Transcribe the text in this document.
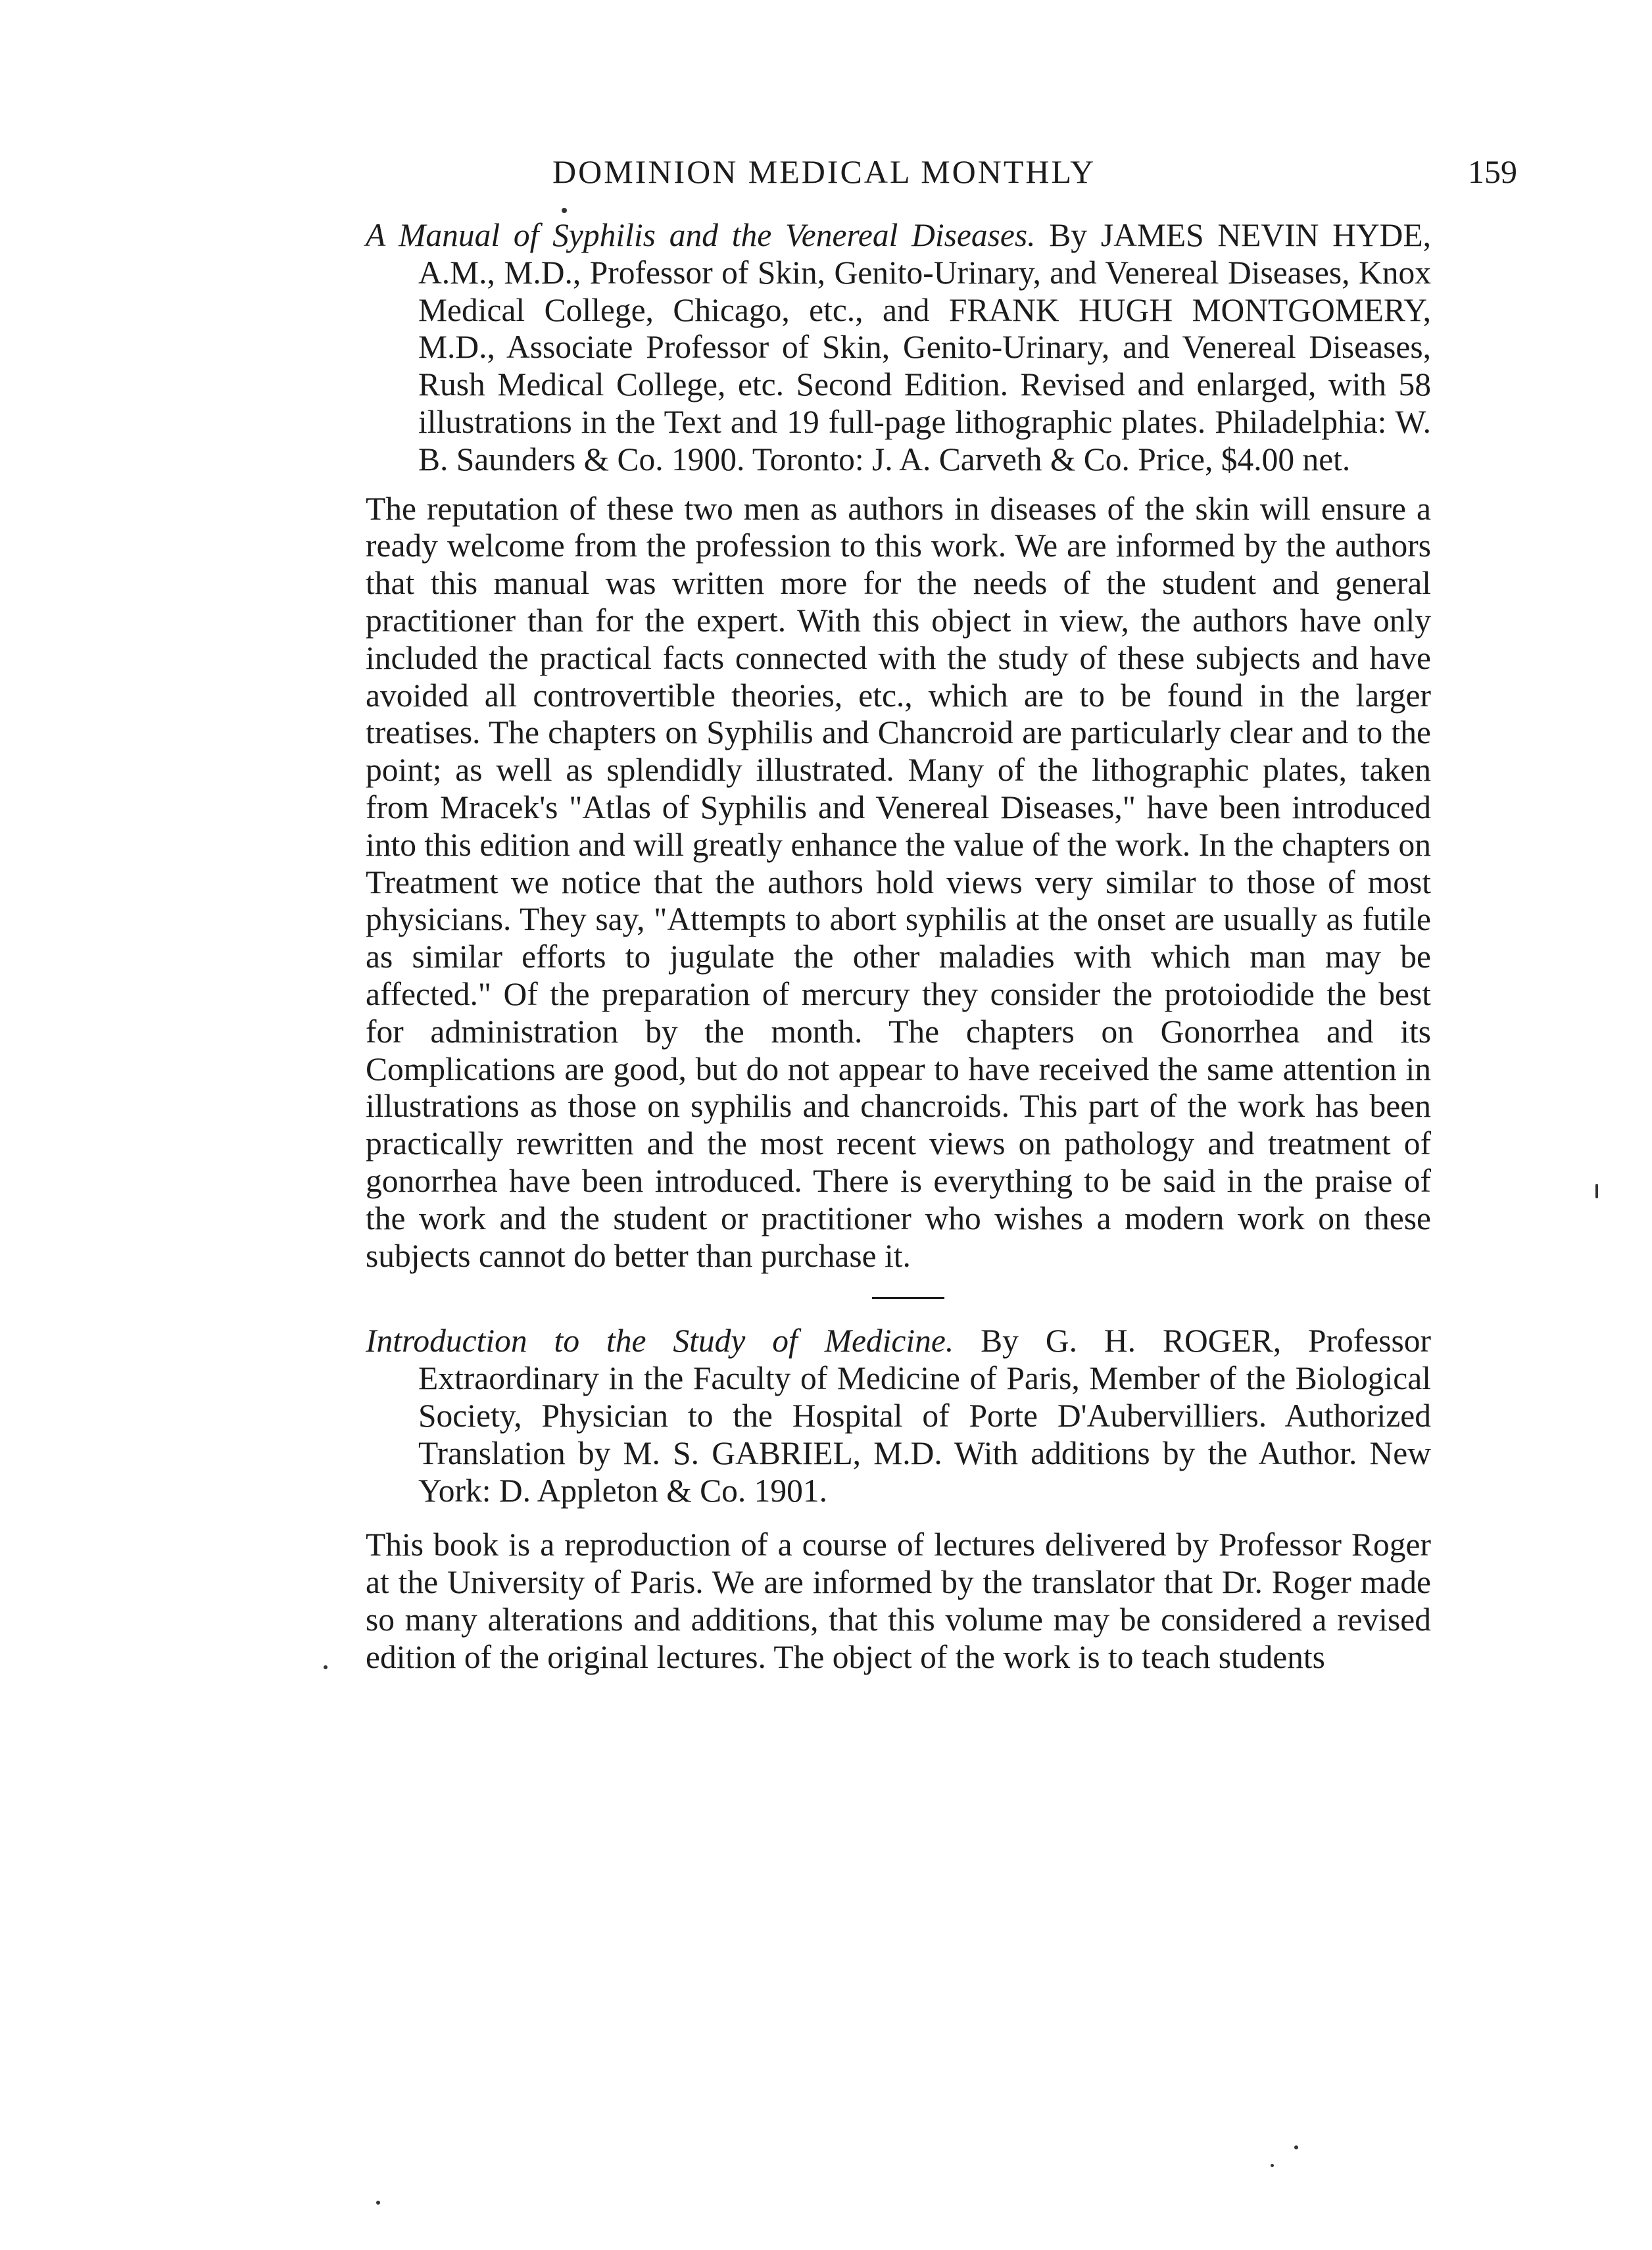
DOMINION MEDICAL MONTHLY	159

A Manual of Syphilis and the Venereal Diseases. By JAMES NEVIN HYDE, A.M., M.D., Professor of Skin, Genito-Urinary, and Venereal Diseases, Knox Medical College, Chicago, etc., and FRANK HUGH MONTGOMERY, M.D., Associate Professor of Skin, Genito-Urinary, and Venereal Diseases, Rush Medical College, etc. Second Edition. Revised and enlarged, with 58 illustrations in the Text and 19 full-page lithographic plates. Philadelphia: W. B. Saunders & Co. 1900. Toronto: J. A. Carveth & Co. Price, $4.00 net.

The reputation of these two men as authors in diseases of the skin will ensure a ready welcome from the profession to this work. We are informed by the authors that this manual was written more for the needs of the student and general practitioner than for the expert. With this object in view, the authors have only included the practical facts connected with the study of these subjects and have avoided all controvertible theories, etc., which are to be found in the larger treatises. The chapters on Syphilis and Chancroid are particularly clear and to the point; as well as splendidly illustrated. Many of the lithographic plates, taken from Mracek's "Atlas of Syphilis and Venereal Diseases," have been introduced into this edition and will greatly enhance the value of the work. In the chapters on Treatment we notice that the authors hold views very similar to those of most physicians. They say, "Attempts to abort syphilis at the onset are usually as futile as similar efforts to jugulate the other maladies with which man may be affected." Of the preparation of mercury they consider the protoiodide the best for administration by the month. The chapters on Gonorrhea and its Complications are good, but do not appear to have received the same attention in illustrations as those on syphilis and chancroids. This part of the work has been practically rewritten and the most recent views on pathology and treatment of gonorrhea have been introduced. There is everything to be said in the praise of the work and the student or practitioner who wishes a modern work on these subjects cannot do better than purchase it.

Introduction to the Study of Medicine. By G. H. ROGER, Professor Extraordinary in the Faculty of Medicine of Paris, Member of the Biological Society, Physician to the Hospital of Porte D'Aubervilliers. Authorized Translation by M. S. GABRIEL, M.D. With additions by the Author. New York: D. Appleton & Co. 1901.

This book is a reproduction of a course of lectures delivered by Professor Roger at the University of Paris. We are informed by the translator that Dr. Roger made so many alterations and additions, that this volume may be considered a revised edition of the original lectures. The object of the work is to teach students
